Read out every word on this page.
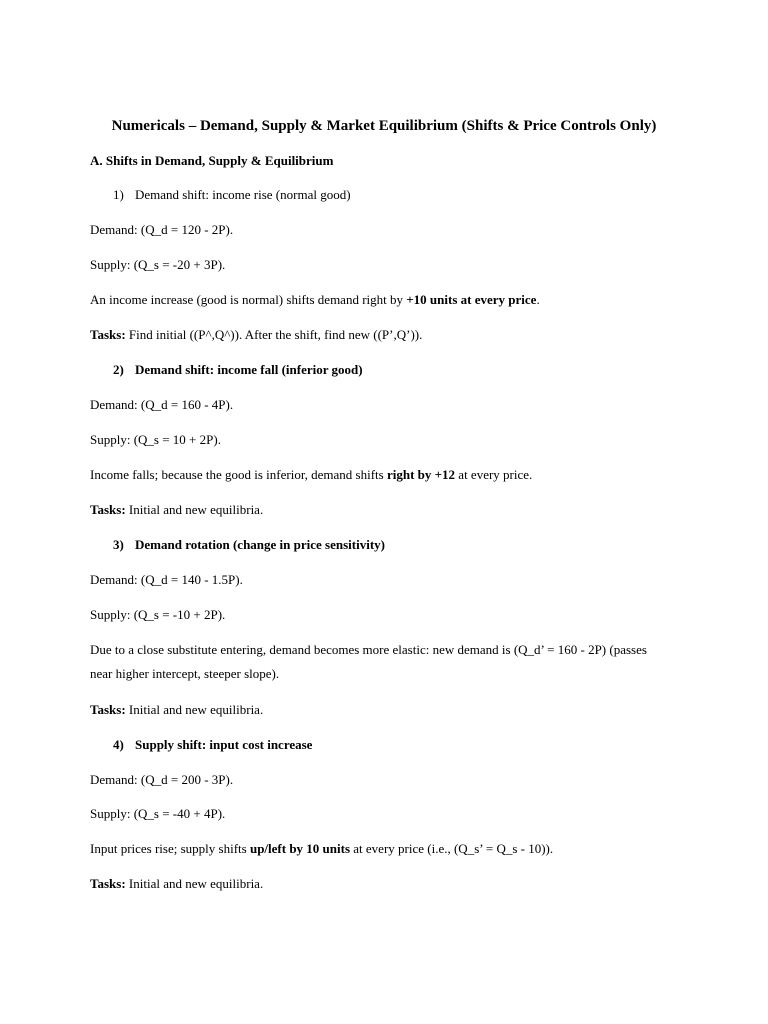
Numericals – Demand, Supply & Market Equilibrium (Shifts & Price Controls Only)
A. Shifts in Demand, Supply & Equilibrium
1) Demand shift: income rise (normal good)
Demand: (Q_d = 120 - 2P).
Supply: (Q_s = -20 + 3P).
An income increase (good is normal) shifts demand right by +10 units at every price.
Tasks: Find initial ((P^,Q^)). After the shift, find new ((P’,Q’)).
2) Demand shift: income fall (inferior good)
Demand: (Q_d = 160 - 4P).
Supply: (Q_s = 10 + 2P).
Income falls; because the good is inferior, demand shifts right by +12 at every price.
Tasks: Initial and new equilibria.
3) Demand rotation (change in price sensitivity)
Demand: (Q_d = 140 - 1.5P).
Supply: (Q_s = -10 + 2P).
Due to a close substitute entering, demand becomes more elastic: new demand is (Q_d’ = 160 - 2P) (passes
near higher intercept, steeper slope).
Tasks: Initial and new equilibria.
4) Supply shift: input cost increase
Demand: (Q_d = 200 - 3P).
Supply: (Q_s = -40 + 4P).
Input prices rise; supply shifts up/left by 10 units at every price (i.e., (Q_s’ = Q_s - 10)).
Tasks: Initial and new equilibria.
